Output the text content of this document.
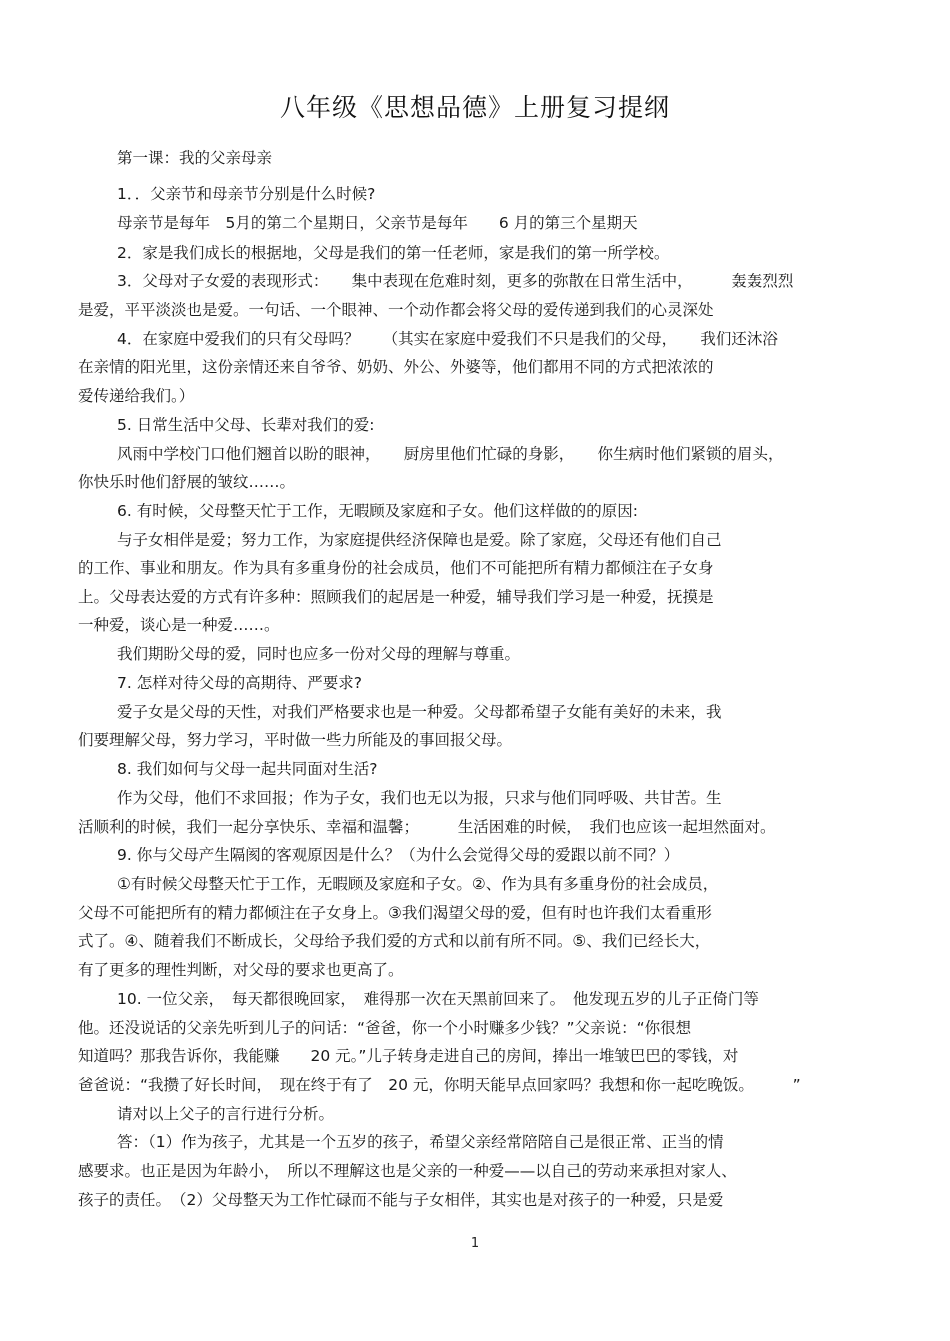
八年级《思想品德》上册复习提纲
第一课：我的父亲母亲
1．．父亲节和母亲节分别是什么时候?
母亲节是每年　5月的第二个星期日，父亲节是每年　　6 月的第三个星期天
2．家是我们成长的根据地，父母是我们的第一任老师，家是我们的第一所学校。
3．父母对子女爱的表现形式：　　集中表现在危难时刻，更多的弥散在日常生活中，　　　轰轰烈烈
是爱，平平淡淡也是爱。一句话、一个眼神、一个动作都会将父母的爱传递到我们的心灵深处
4．在家庭中爱我们的只有父母吗？　　（其实在家庭中爱我们不只是我们的父母，　　我们还沐浴
在亲情的阳光里，这份亲情还来自爷爷、奶奶、外公、外婆等，他们都用不同的方式把浓浓的
爱传递给我们。）
5. 日常生活中父母、长辈对我们的爱:
风雨中学校门口他们翘首以盼的眼神，　　厨房里他们忙碌的身影，　　你生病时他们紧锁的眉头，
你快乐时他们舒展的皱纹……。
6. 有时候，父母整天忙于工作，无暇顾及家庭和子女。他们这样做的的原因:
与子女相伴是爱；努力工作，为家庭提供经济保障也是爱。除了家庭，父母还有他们自己
的工作、事业和朋友。作为具有多重身份的社会成员，他们不可能把所有精力都倾注在子女身
上。父母表达爱的方式有许多种：照顾我们的起居是一种爱，辅导我们学习是一种爱，抚摸是
一种爱，谈心是一种爱……。
我们期盼父母的爱，同时也应多一份对父母的理解与尊重。
7. 怎样对待父母的高期待、严要求?
爱子女是父母的天性，对我们严格要求也是一种爱。父母都希望子女能有美好的未来，我
们要理解父母，努力学习，平时做一些力所能及的事回报父母。
8. 我们如何与父母一起共同面对生活?
作为父母，他们不求回报；作为子女，我们也无以为报，只求与他们同呼吸、共甘苦。生
活顺利的时候，我们一起分享快乐、幸福和温馨；　　　生活困难的时候，　我们也应该一起坦然面对。
9. 你与父母产生隔阂的客观原因是什么？（为什么会觉得父母的爱跟以前不同？）
①有时候父母整天忙于工作，无暇顾及家庭和子女。②、作为具有多重身份的社会成员，
父母不可能把所有的精力都倾注在子女身上。③我们渴望父母的爱，但有时也许我们太看重形
式了。④、随着我们不断成长，父母给予我们爱的方式和以前有所不同。⑤、我们已经长大，
有了更多的理性判断，对父母的要求也更高了。
10. 一位父亲，　每天都很晚回家，　难得那一次在天黑前回来了。　他发现五岁的儿子正倚门等
他。还没说话的父亲先听到儿子的问话：“爸爸，你一个小时赚多少钱？”父亲说：“你很想
知道吗？那我告诉你，我能赚　　20 元。”儿子转身走进自己的房间，捧出一堆皱巴巴的零钱，对
爸爸说：“我攒了好长时间，　现在终于有了　20 元，你明天能早点回家吗？我想和你一起吃晚饭。　　　”
请对以上父子的言行进行分析。
答：（1）作为孩子，尤其是一个五岁的孩子，希望父亲经常陪陪自己是很正常、正当的情
感要求。也正是因为年龄小，　所以不理解这也是父亲的一种爱——以自己的劳动来承担对家人、
孩子的责任。　（2）父母整天为工作忙碌而不能与子女相伴，其实也是对孩子的一种爱，只是爱
1
